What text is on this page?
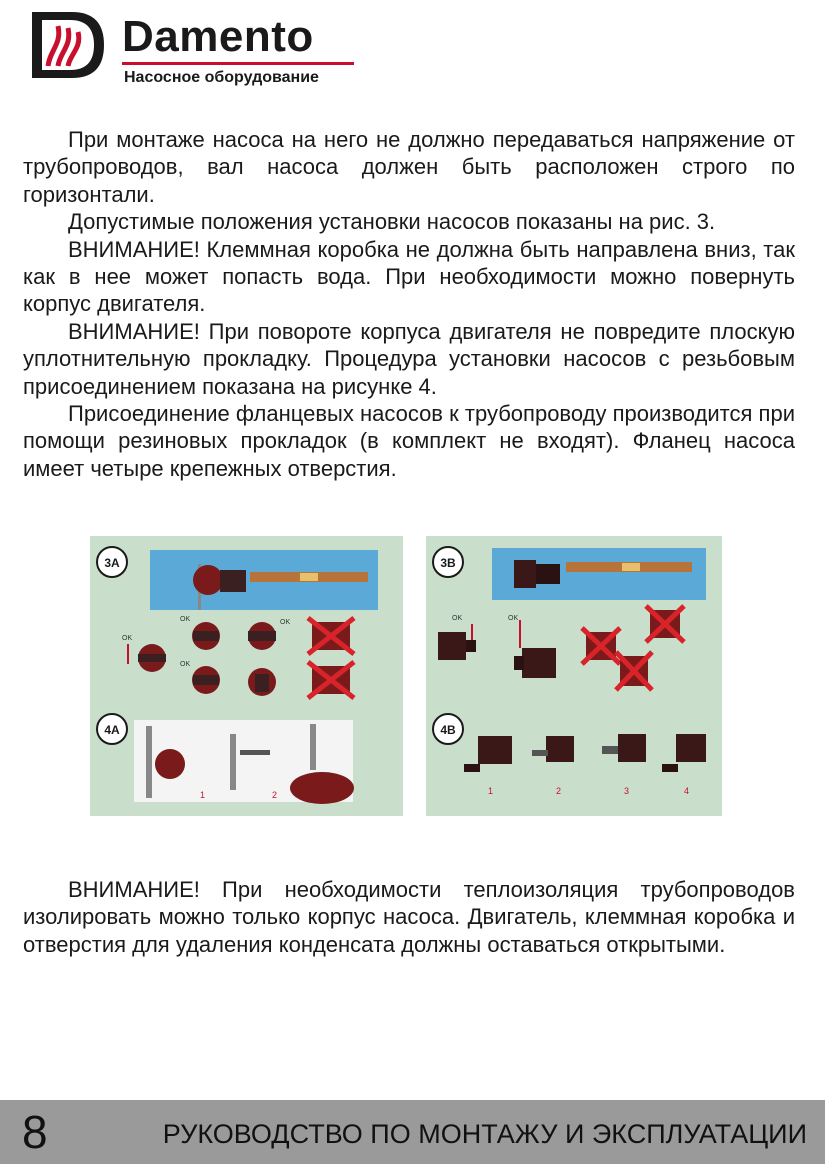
Damento
Насосное оборудование

При монтаже насоса на него не должно передаваться напряжение от трубопроводов, вал насоса должен быть расположен строго по горизонтали.

Допустимые положения установки насосов показаны на рис. 3.

ВНИМАНИЕ! Клеммная коробка не должна быть направлена вниз, так как в нее может попасть вода. При необходимости можно повернуть корпус двигателя.

ВНИМАНИЕ! При повороте корпуса двигателя не повредите плоскую уплотнительную прокладку. Процедура установки насосов с резьбовым присоединением показана на рисунке 4.

Присоединение фланцевых насосов к трубопроводу производится при помощи резиновых прокладок (в комплект не входят). Фланец насоса имеет четыре крепежных отверстия.

3A
OK
OK
OK
OK
4A
1	2
3B
OK	OK
4B
1	2	3	4

ВНИМАНИЕ! При необходимости теплоизоляция трубопроводов изолировать можно только корпус насоса. Двигатель, клеммная коробка и отверстия для удаления конденсата должны оставаться открытыми.

8	РУКОВОДСТВО ПО МОНТАЖУ И ЭКСПЛУАТАЦИИ
